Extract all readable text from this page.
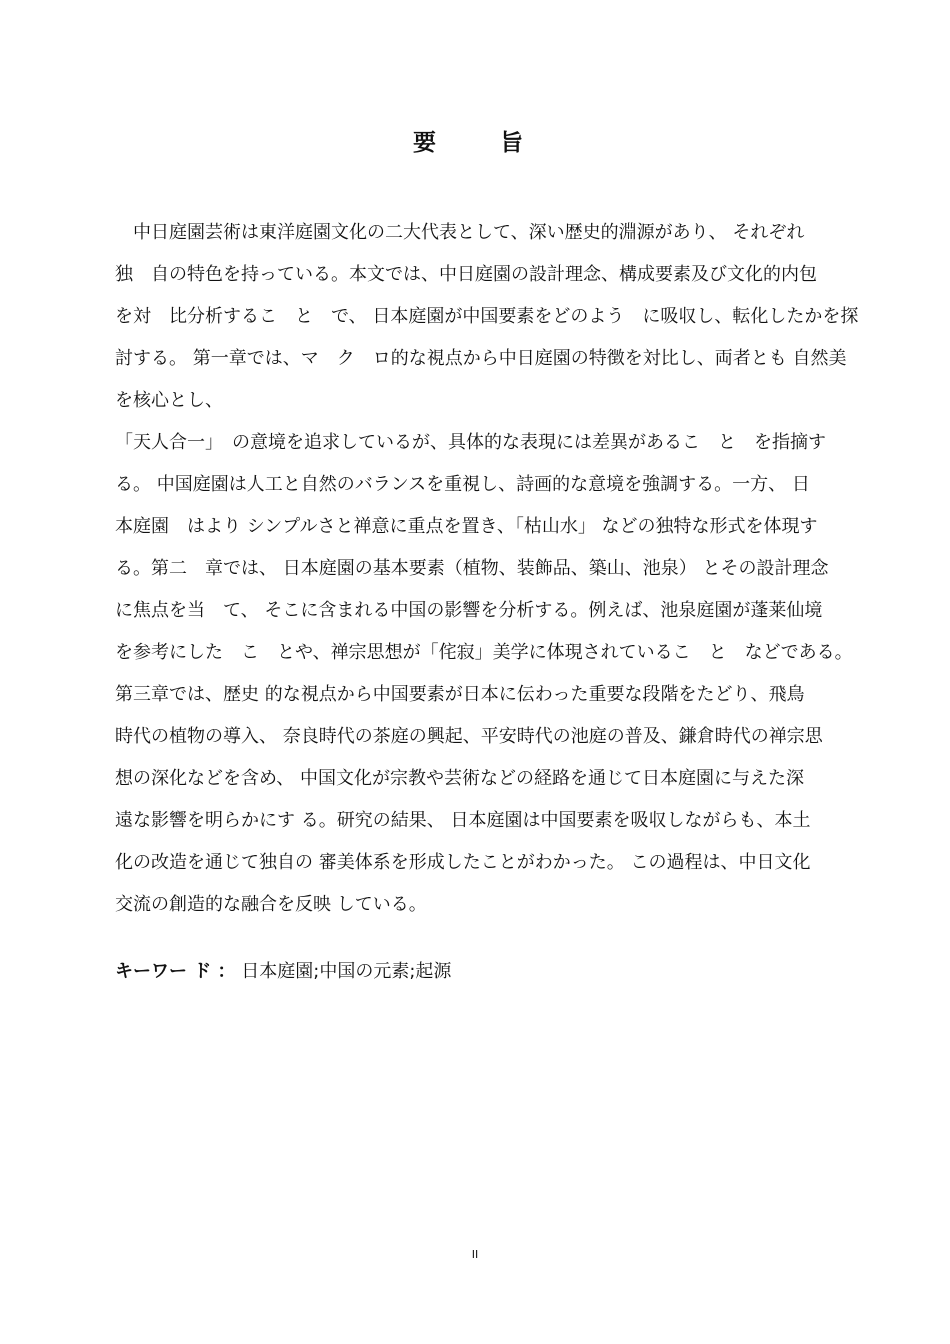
要 旨

　中日庭園芸術は東洋庭園文化の二大代表として、深い歴史的淵源があり、 それぞれ

独　自の特色を持っている。本文では、中日庭園の設計理念、構成要素及び文化的内包

を対　比分析するこ　と　で、 日本庭園が中国要素をどのよう　に吸収し、転化したかを探

討する。 第一章では、マ　ク　ロ的な視点から中日庭園の特徴を対比し、両者とも 自然美

を核心とし、

「天人合一」　の意境を追求しているが、具体的な表現には差異があるこ　と　を指摘す

る。 中国庭園は人工と自然のバランスを重視し、詩画的な意境を強調する。一方、 日

本庭園　はより シンプルさと禅意に重点を置き、「枯山水」 などの独特な形式を体現す

る。第二　章では、 日本庭園の基本要素（植物、装飾品、築山、池泉） とその設計理念

に焦点を当　て、 そこに含まれる中国の影響を分析する。例えば、池泉庭園が蓬莱仙境

を参考にした　こ　とや、禅宗思想が「侘寂」美学に体現されているこ　と　などである。

第三章では、歴史 的な視点から中国要素が日本に伝わった重要な段階をたどり、飛鳥

時代の植物の導入、 奈良時代の茶庭の興起、平安時代の池庭の普及、鎌倉時代の禅宗思

想の深化などを含め、 中国文化が宗教や芸術などの経路を通じて日本庭園に与えた深

遠な影響を明らかにす る。研究の結果、 日本庭園は中国要素を吸収しながらも、本土

化の改造を通じて独自の 審美体系を形成したことがわかった。 この過程は、中日文化

交流の創造的な融合を反映 している。

キーワー ド ： 日本庭園;中国の元素;起源

II
